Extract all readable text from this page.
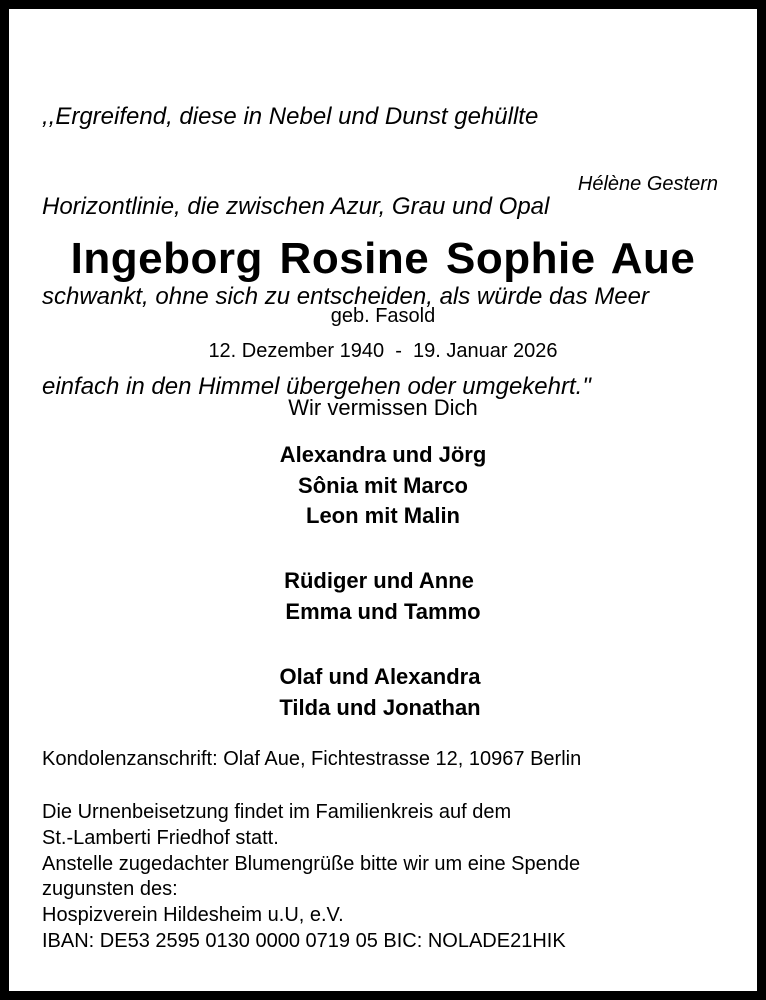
,,Ergreifend, diese in Nebel und Dunst gehüllte

Horizontlinie, die zwischen Azur, Grau und Opal

schwankt, ohne sich zu entscheiden, als würde das Meer

einfach in den Himmel übergehen oder umgekehrt."

Hélène Gestern
Ingeborg Rosine Sophie Aue
geb. Fasold
12. Dezember 1940  -  19. Januar 2026
Wir vermissen Dich
Alexandra und Jörg
Sônia mit Marco
Leon mit Malin
Rüdiger und Anne
Emma und Tammo
Olaf und Alexandra
Tilda und Jonathan
Kondolenzanschrift: Olaf Aue, Fichtestrasse 12, 10967 Berlin
Die Urnenbeisetzung findet im Familienkreis auf dem
St.-Lamberti Friedhof statt.
Anstelle zugedachter Blumengrüße bitte wir um eine Spende
zugunsten des:
Hospizverein Hildesheim u.U, e.V.
IBAN: DE53 2595 0130 0000 0719 05 BIC: NOLADE21HIK
